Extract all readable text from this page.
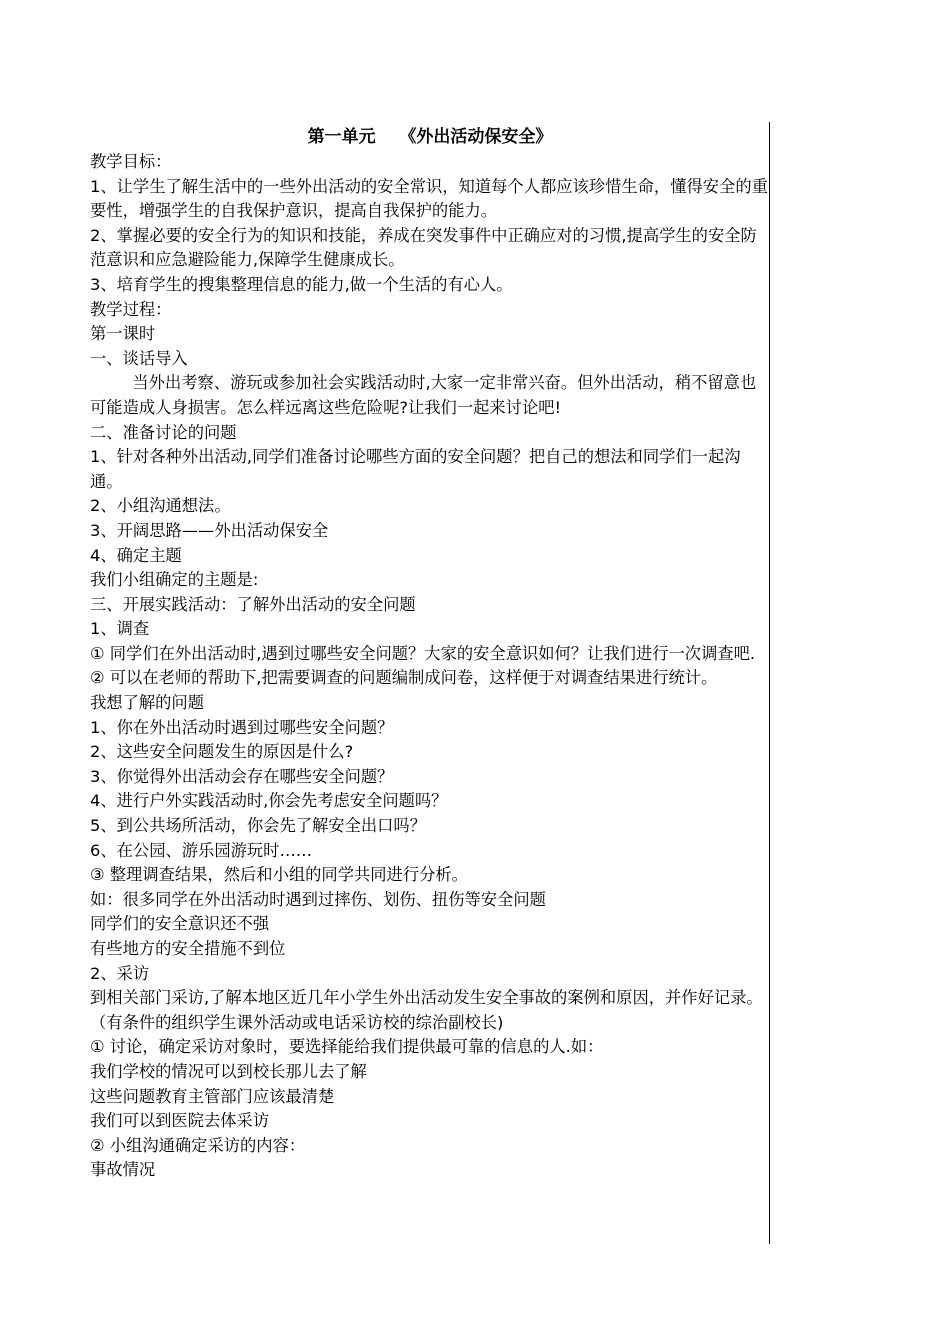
第一单元    《外出活动保安全》

教学目标：

1、让学生了解生活中的一些外出活动的安全常识，知道每个人都应该珍惜生命，懂得安全的重要性，增强学生的自我保护意识，提高自我保护的能力。

2、掌握必要的安全行为的知识和技能，养成在突发事件中正确应对的习惯,提高学生的安全防范意识和应急避险能力,保障学生健康成长。

3、培育学生的搜集整理信息的能力,做一个生活的有心人。

教学过程：

第一课时

一、谈话导入

当外出考察、游玩或参加社会实践活动时,大家一定非常兴奋。但外出活动，稍不留意也可能造成人身损害。怎么样远离这些危险呢?让我们一起来讨论吧!

二、准备讨论的问题

1、针对各种外出活动,同学们准备讨论哪些方面的安全问题？把自己的想法和同学们一起沟通。

2、小组沟通想法。

3、开阔思路——外出活动保安全

4、确定主题

我们小组确定的主题是:

三、开展实践活动：了解外出活动的安全问题

1、调查

① 同学们在外出活动时,遇到过哪些安全问题？大家的安全意识如何？让我们进行一次调查吧.

② 可以在老师的帮助下,把需要调查的问题编制成问卷，这样便于对调查结果进行统计。

我想了解的问题

1、你在外出活动时遇到过哪些安全问题？

2、这些安全问题发生的原因是什么?

3、你觉得外出活动会存在哪些安全问题？

4、进行户外实践活动时,你会先考虑安全问题吗？

5、到公共场所活动，你会先了解安全出口吗？

6、在公园、游乐园游玩时……

③ 整理调查结果，然后和小组的同学共同进行分析。

如：很多同学在外出活动时遇到过摔伤、划伤、扭伤等安全问题

同学们的安全意识还不强

有些地方的安全措施不到位

2、采访

到相关部门采访,了解本地区近几年小学生外出活动发生安全事故的案例和原因，并作好记录。（有条件的组织学生课外活动或电话采访校的综治副校长)

① 讨论，确定采访对象时，要选择能给我们提供最可靠的信息的人.如：

我们学校的情况可以到校长那儿去了解

这些问题教育主管部门应该最清楚

我们可以到医院去体采访

② 小组沟通确定采访的内容：

事故情况
